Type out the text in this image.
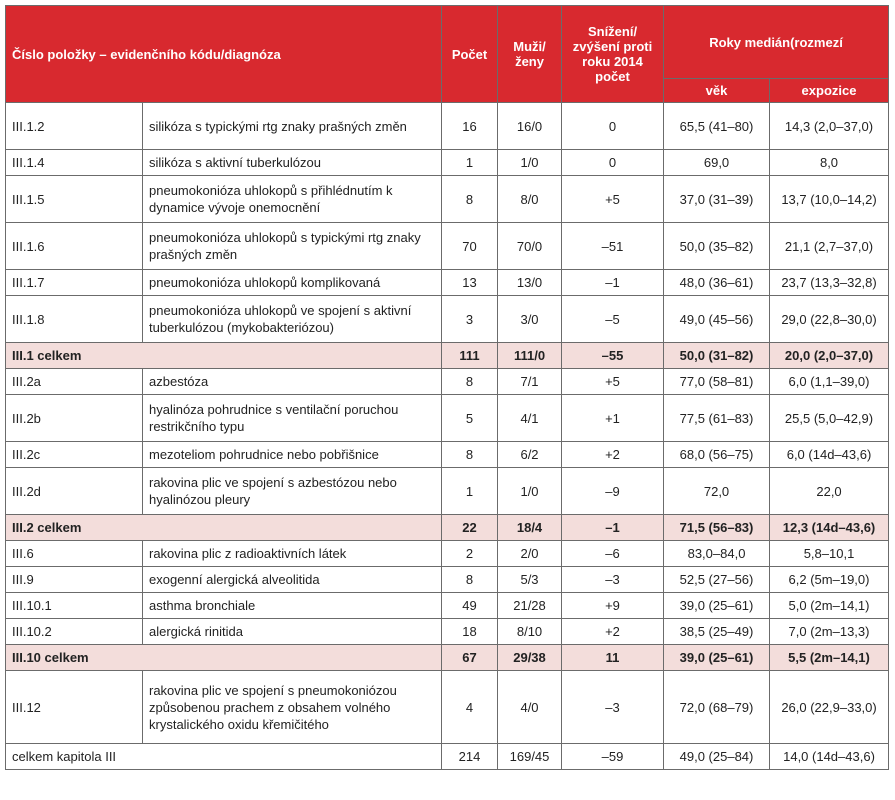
Číslo položky – evidenčního kódu/diagnóza		Počet	Muži/ ženy	Snížení/ zvýšení proti roku 2014 počet	Roky medián(rozmezí	
					věk	expozice
III.1.2	silikóza s typickými rtg znaky prašných změn	16	16/0	0	65,5 (41–80)	14,3 (2,0–37,0)
III.1.4	silikóza s aktivní tuberkulózou	1	1/0	0	69,0	8,0
III.1.5	pneumokonióza uhlokopů s přihlédnutím k dynamice vývoje onemocnění	8	8/0	+5	37,0 (31–39)	13,7 (10,0–14,2)
III.1.6	pneumokonióza uhlokopů s typickými rtg znaky prašných změn	70	70/0	–51	50,0 (35–82)	21,1 (2,7–37,0)
III.1.7	pneumokonióza uhlokopů komplikovaná	13	13/0	–1	48,0 (36–61)	23,7 (13,3–32,8)
III.1.8	pneumokonióza uhlokopů ve spojení s aktivní tuberkulózou (mykobakteriózou)	3	3/0	–5	49,0 (45–56)	29,0 (22,8–30,0)
III.1 celkem		111	111/0	–55	50,0 (31–82)	20,0 (2,0–37,0)
III.2a	azbestóza	8	7/1	+5	77,0 (58–81)	6,0 (1,1–39,0)
III.2b	hyalinóza pohrudnice s ventilační poruchou restrikčního typu	5	4/1	+1	77,5 (61–83)	25,5 (5,0–42,9)
III.2c	mezoteliom pohrudnice nebo pobřišnice	8	6/2	+2	68,0 (56–75)	6,0 (14d–43,6)
III.2d	rakovina plic ve spojení s azbestózou nebo hyalinózou pleury	1	1/0	–9	72,0	22,0
III.2 celkem		22	18/4	–1	71,5 (56–83)	12,3 (14d–43,6)
III.6	rakovina plic z radioaktivních látek	2	2/0	–6	83,0–84,0	5,8–10,1
III.9	exogenní alergická alveolitida	8	5/3	–3	52,5 (27–56)	6,2 (5m–19,0)
III.10.1	asthma bronchiale	49	21/28	+9	39,0 (25–61)	5,0 (2m–14,1)
III.10.2	alergická rinitida	18	8/10	+2	38,5 (25–49)	7,0 (2m–13,3)
III.10 celkem		67	29/38	11	39,0 (25–61)	5,5 (2m–14,1)
III.12	rakovina plic ve spojení s pneumokoniózou způsobenou prachem z obsahem volného krystalického oxidu křemičitého	4	4/0	–3	72,0 (68–79)	26,0 (22,9–33,0)
celkem kapitola III		214	169/45	–59	49,0 (25–84)	14,0 (14d–43,6)
